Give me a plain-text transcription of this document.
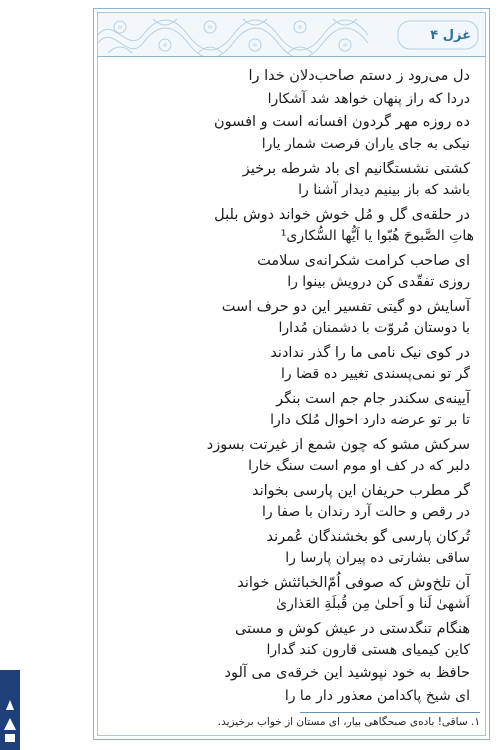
غزل ۴
دل می‌رود ز دستم صاحب‌دلان خدا را
دردا که راز پنهان خواهد شد آشکارا
ده روزه مهر گردون افسانه است و افسون
نیکی به جای یاران فرصت شمار یارا
کشتی نشستگانیم ای باد شرطه برخیز
باشد که باز بینیم دیدار آشنا را
در حلقه‌ی گل و مُل خوش خواند دوش بلبل
هاتِ الصَّبوحَ هُبّوا یا اَیُّها السُّکاری¹
ای صاحب کرامت شکرانه‌ی سلامت
روزی تفقّدی کن درویش بینوا را
آسایش دو گیتی تفسیر این دو حرف است
با دوستان مُروّت با دشمنان مُدارا
در کوی نیک نامی ما را گذر ندادند
گر تو نمی‌پسندی تغییر ده قضا را
آیینه‌ی سکندر جام جم است بنگر
تا بر تو عرضه دارد احوال مُلک دارا
سرکش مشو که چون شمع از غیرتت بسوزد
دلبر که در کف او موم است سنگ خارا
گر مطرب حریفان این پارسی بخواند
در رقص و حالت آرد رندان با صفا را
تُرکان پارسی گو بخشندگان عُمرند
ساقی بشارتی ده پیران پارسا را
آن تلخ‌وش که صوفی اُمّ‌الخبائثش خواند
اَشهیٰ لَنا و اَحلیٰ مِن قُبلَةِ العَذاریٰ
هنگام تنگدستی در عیش کوش و مستی
کاین کیمیای هستی قارون کند گدارا
حافظ به خود نپوشید این خرقه‌ی می آلود
ای شیخ پاکدامن معذور دار ما را
۱. ساقی! باده‌ی صبحگاهی بیار، ای مستان از خواب برخیزید.
